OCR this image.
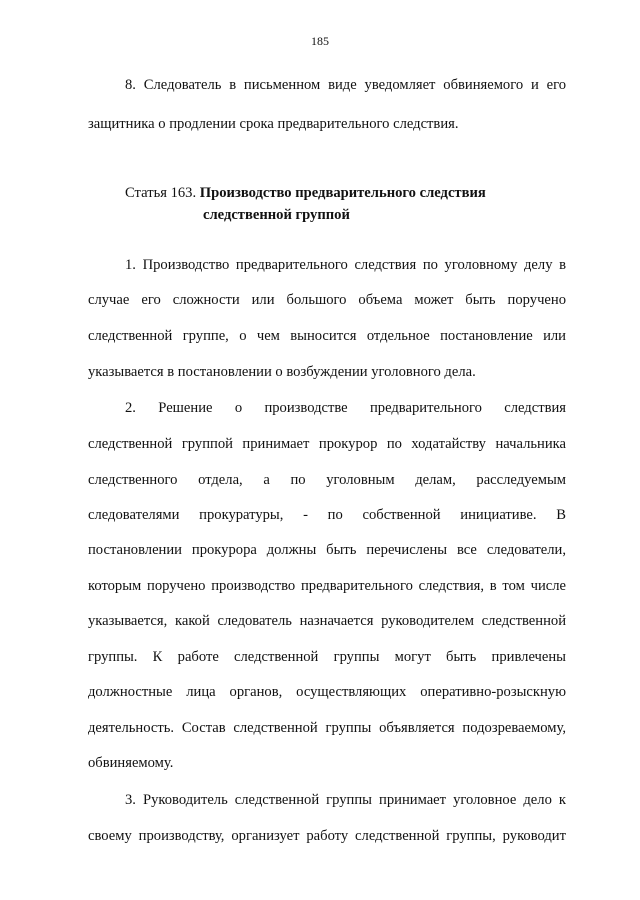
185
8. Следователь в письменном виде уведомляет обвиняемого и его
защитника о продлении срока предварительного следствия.
Статья 163. Производство предварительного следствия
следственной группой
1. Производство предварительного следствия по уголовному делу в
случае его сложности или большого объема может быть поручено
следственной группе, о чем выносится отдельное постановление или
указывается в постановлении о возбуждении уголовного дела.
2. Решение о производстве предварительного следствия
следственной группой принимает прокурор по ходатайству начальника
следственного отдела, а по уголовным делам, расследуемым
следователями прокуратуры, - по собственной инициативе. В
постановлении прокурора должны быть перечислены все следователи,
которым поручено производство предварительного следствия, в том числе
указывается, какой следователь назначается руководителем следственной
группы. К работе следственной группы могут быть привлечены
должностные лица органов, осуществляющих оперативно-розыскную
деятельность. Состав следственной группы объявляется подозреваемому,
обвиняемому.
3. Руководитель следственной группы принимает уголовное дело к
своему производству, организует работу следственной группы, руководит
